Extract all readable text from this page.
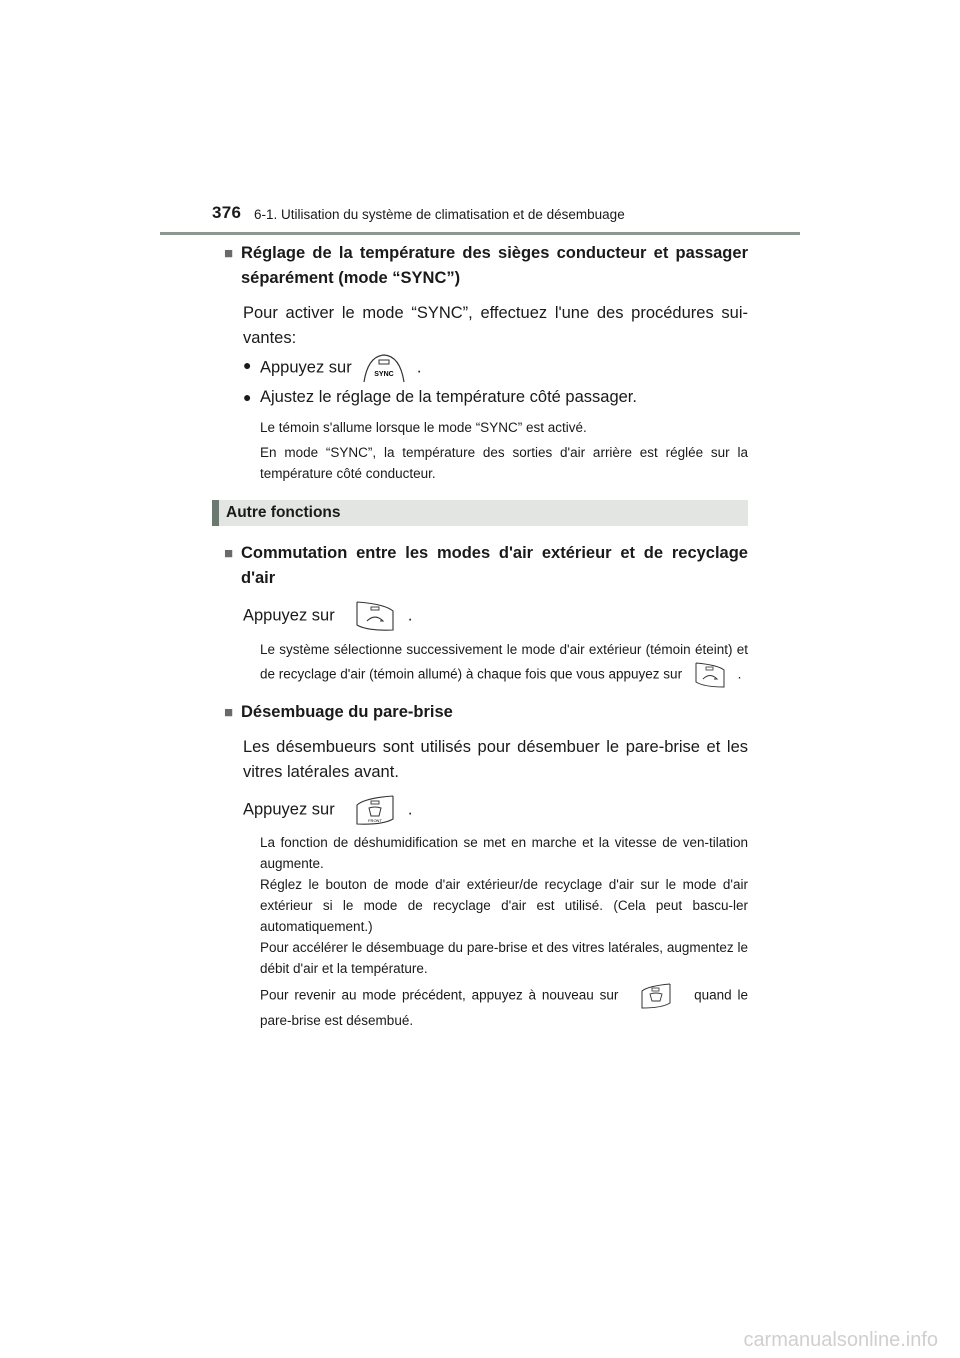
376 6-1. Utilisation du système de climatisation et de désembuage
■ Réglage de la température des sièges conducteur et passager séparément (mode “SYNC”)
Pour activer le mode “SYNC”, effectuez l'une des procédures sui-vantes:
● Appuyez sur	SYNC .
● Ajustez le réglage de la température côté passager.
Le témoin s'allume lorsque le mode “SYNC” est activé.
En mode “SYNC”, la température des sorties d'air arrière est réglée sur la température côté conducteur.
Autre fonctions
■ Commutation entre les modes d'air extérieur et de recyclage d'air
Appuyez sur	.
Le système sélectionne successivement le mode d'air extérieur (témoin éteint) et de recyclage d'air (témoin allumé) à chaque fois que vous appuyez sur	.
■ Désembuage du pare-brise
Les désembueurs sont utilisés pour désembuer le pare-brise et les vitres latérales avant.
Appuyez sur
FRONT
.
La fonction de déshumidification se met en marche et la vitesse de ven-tilation augmente.
Réglez le bouton de mode d'air extérieur/de recyclage d'air sur le mode d'air extérieur si le mode de recyclage d'air est utilisé. (Cela peut bascu-ler automatiquement.)
Pour accélérer le désembuage du pare-brise et des vitres latérales, augmentez le débit d'air et la température.
Pour revenir au mode précédent, appuyez à nouveau sur	quand le pare-brise est désembué.
carmanualsonline.info
